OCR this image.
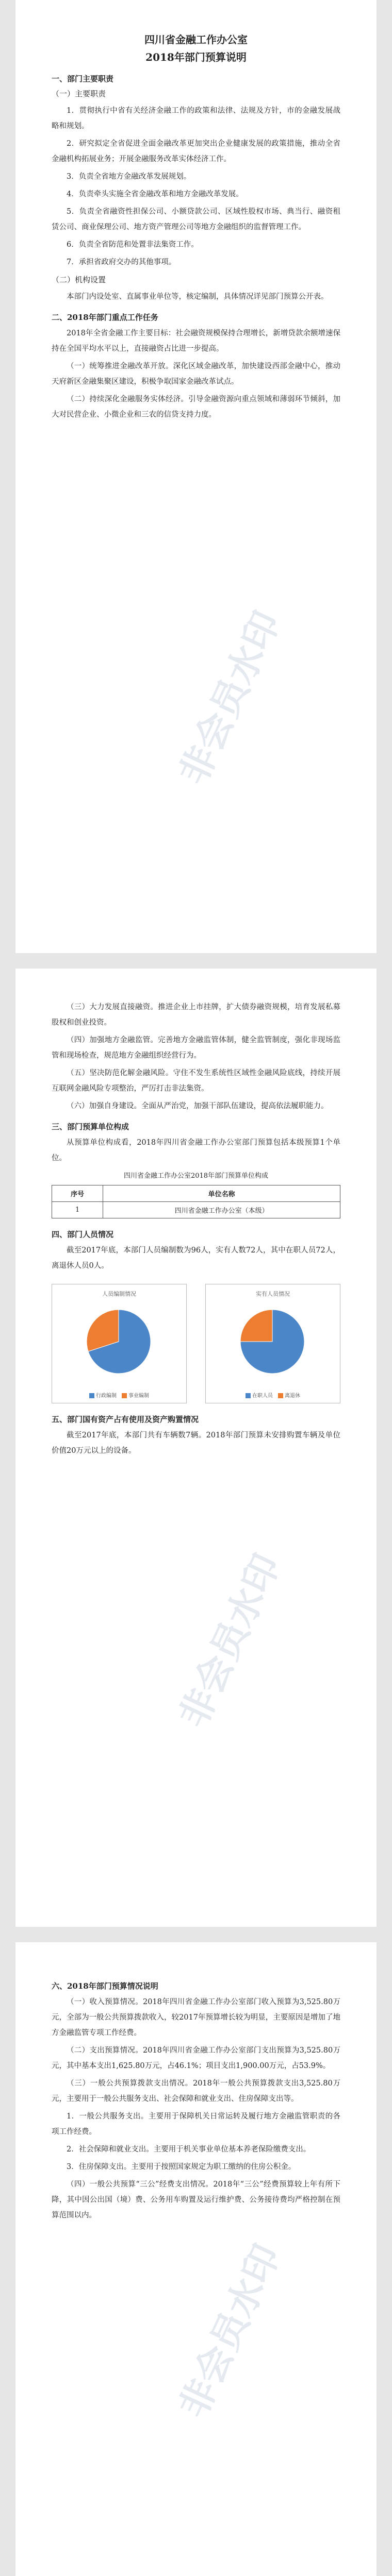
四川省金融工作办公室
2018年部门预算说明
一、部门主要职责
（一）主要职责

1．贯彻执行中省有关经济金融工作的政策和法律、法规及方针，市的金融发展战略和规划。

2．研究拟定全省促进全面金融改革更加突出企业健康发展的政策措施，推动全省金融机构拓展业务；开展金融服务改革实体经济工作。

3．负责全省地方金融改革发展规划。

4．负责牵头实施全省金融改革和地方金融改革发展。

5．负责全省融资性担保公司、小额贷款公司、区域性股权市场、典当行、融资租赁公司、商业保理公司、地方资产管理公司等地方金融组织的监督管理工作。

6．负责全省防范和处置非法集资工作。

7．承担省政府交办的其他事项。

（二）机构设置

本部门内设处室、直属事业单位等，核定编制，具体情况详见部门预算公开表。

二、2018年部门重点工作任务

2018年全省金融工作主要目标：社会融资规模保持合理增长，新增贷款余额增速保持在全国平均水平以上，直接融资占比进一步提高。

（一）统筹推进金融改革开放。深化区域金融改革，加快建设西部金融中心，推动天府新区金融集聚区建设，积极争取国家金融改革试点。

（二）持续深化金融服务实体经济。引导金融资源向重点领域和薄弱环节倾斜，加大对民营企业、小微企业和三农的信贷支持力度。

非会员水印

（三）大力发展直接融资。推进企业上市挂牌，扩大债券融资规模，培育发展私募股权和创业投资。

（四）加强地方金融监管。完善地方金融监管体制，健全监管制度，强化非现场监管和现场检查，规范地方金融组织经营行为。

（五）坚决防范化解金融风险。守住不发生系统性区域性金融风险底线，持续开展互联网金融风险专项整治，严厉打击非法集资。

（六）加强自身建设。全面从严治党，加强干部队伍建设，提高依法履职能力。

三、部门预算单位构成

从预算单位构成看，2018年四川省金融工作办公室部门预算包括本级预算1个单位。

四川省金融工作办公室2018年部门预算单位构成
序号	单位名称
1	四川省金融工作办公室（本级）
四、部门人员情况

截至2017年底，本部门人员编制数为96人，实有人数72人，其中在职人员72人，离退休人员0人。

人员编制情况
行政编制	事业编制
实有人员情况
在职人员	离退休
五、部门国有资产占有使用及资产购置情况

截至2017年底，本部门共有车辆数7辆。2018年部门预算未安排购置车辆及单位价值20万元以上的设备。

非会员水印
六、2018年部门预算情况说明

（一）收入预算情况。2018年四川省金融工作办公室部门收入预算为3,525.80万元，全部为一般公共预算拨款收入，较2017年预算增长较为明显，主要原因是增加了地方金融监管专项工作经费。

（二）支出预算情况。2018年四川省金融工作办公室部门支出预算为3,525.80万元，其中基本支出1,625.80万元，占46.1%；项目支出1,900.00万元，占53.9%。

（三）一般公共预算拨款支出情况。2018年一般公共预算拨款支出3,525.80万元，主要用于一般公共服务支出、社会保障和就业支出、住房保障支出等。

1．一般公共服务支出。主要用于保障机关日常运转及履行地方金融监管职责的各项工作经费。

2．社会保障和就业支出。主要用于机关事业单位基本养老保险缴费支出。

3．住房保障支出。主要用于按照国家规定为职工缴纳的住房公积金。

（四）一般公共预算“三公”经费支出情况。2018年“三公”经费预算较上年有所下降，其中因公出国（境）费、公务用车购置及运行维护费、公务接待费均严格控制在预算范围以内。

非会员水印
